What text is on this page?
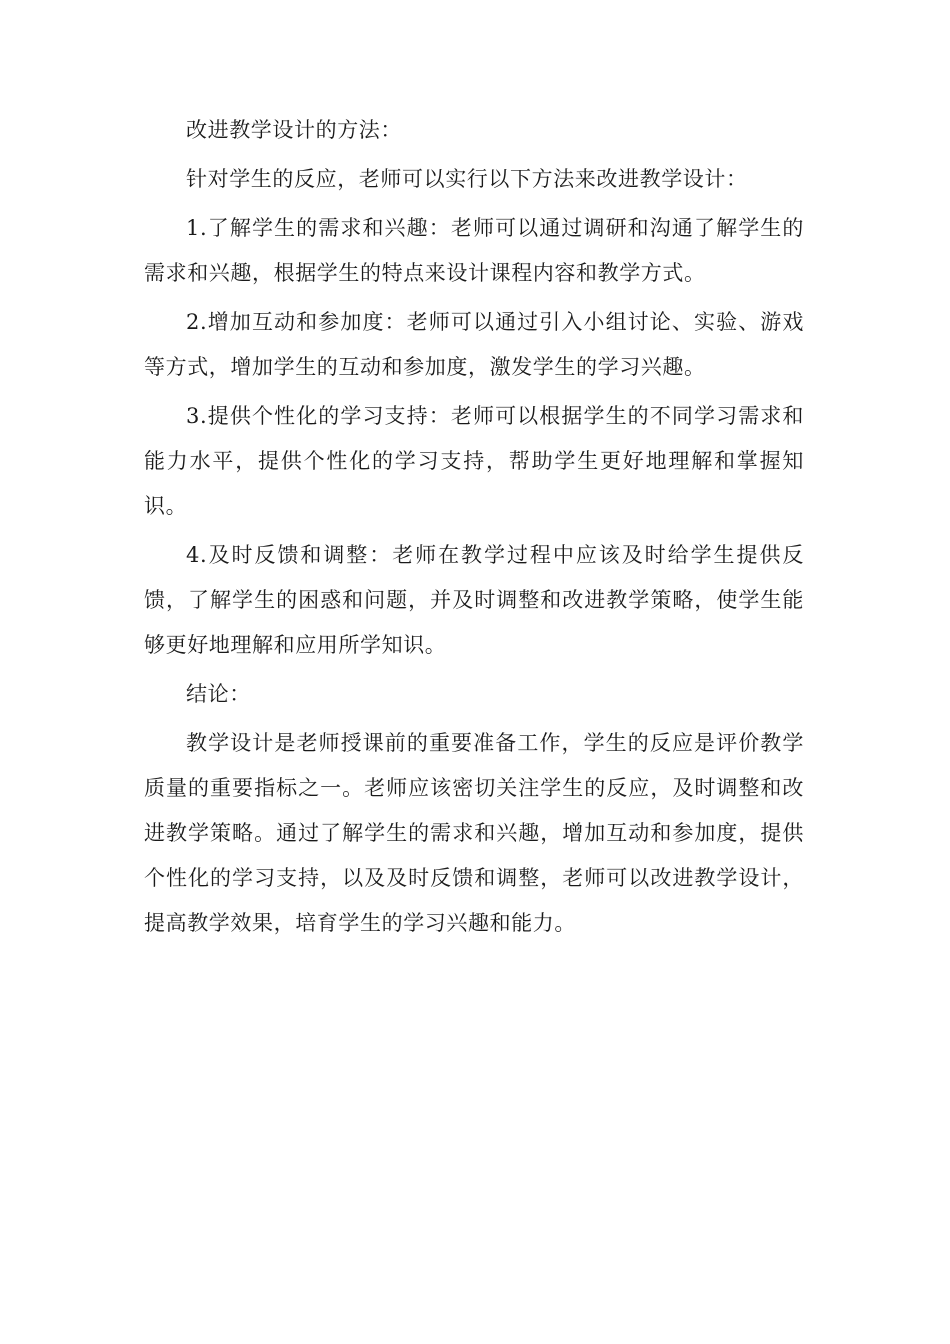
改进教学设计的方法：

针对学生的反应，老师可以实行以下方法来改进教学设计：

1.了解学生的需求和兴趣：老师可以通过调研和沟通了解学生的需求和兴趣，根据学生的特点来设计课程内容和教学方式。

2.增加互动和参加度：老师可以通过引入小组讨论、实验、游戏等方式，增加学生的互动和参加度，激发学生的学习兴趣。

3.提供个性化的学习支持：老师可以根据学生的不同学习需求和能力水平，提供个性化的学习支持，帮助学生更好地理解和掌握知识。

4.及时反馈和调整：老师在教学过程中应该及时给学生提供反馈，了解学生的困惑和问题，并及时调整和改进教学策略，使学生能够更好地理解和应用所学知识。

结论：

教学设计是老师授课前的重要准备工作，学生的反应是评价教学质量的重要指标之一。老师应该密切关注学生的反应，及时调整和改进教学策略。通过了解学生的需求和兴趣，增加互动和参加度，提供个性化的学习支持，以及及时反馈和调整，老师可以改进教学设计，提高教学效果，培育学生的学习兴趣和能力。
